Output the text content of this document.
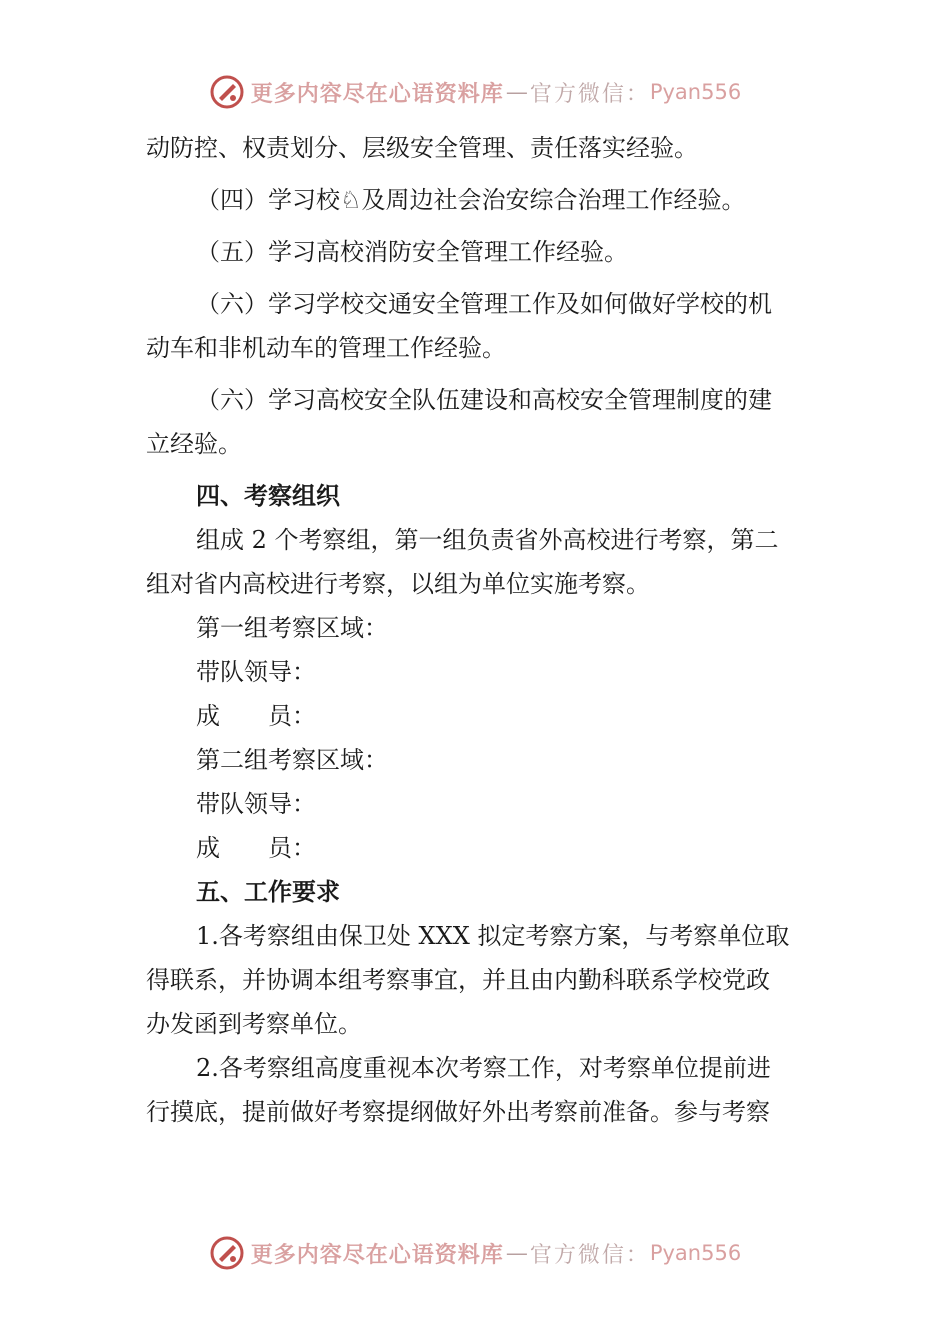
更多内容尽在心语资料库 — 官方微信： Pyan556
动防控、权责划分、层级安全管理、责任落实经验。
（四）学习校♘及周边社会治安综合治理工作经验。
（五）学习高校消防安全管理工作经验。
（六）学习学校交通安全管理工作及如何做好学校的机
动车和非机动车的管理工作经验。
（六）学习高校安全队伍建设和高校安全管理制度的建
立经验。
四、考察组织
组成 2 个考察组，第一组负责省外高校进行考察，第二
组对省内高校进行考察，以组为单位实施考察。
第一组考察区域：
带队领导：
成　　员：
第二组考察区域：
带队领导：
成　　员：
五、工作要求
1.各考察组由保卫处 XXX 拟定考察方案，与考察单位取
得联系，并协调本组考察事宜，并且由内勤科联系学校党政
办发函到考察单位。
2.各考察组高度重视本次考察工作，对考察单位提前进
行摸底，提前做好考察提纲做好外出考察前准备。参与考察
更多内容尽在心语资料库 — 官方微信： Pyan556
